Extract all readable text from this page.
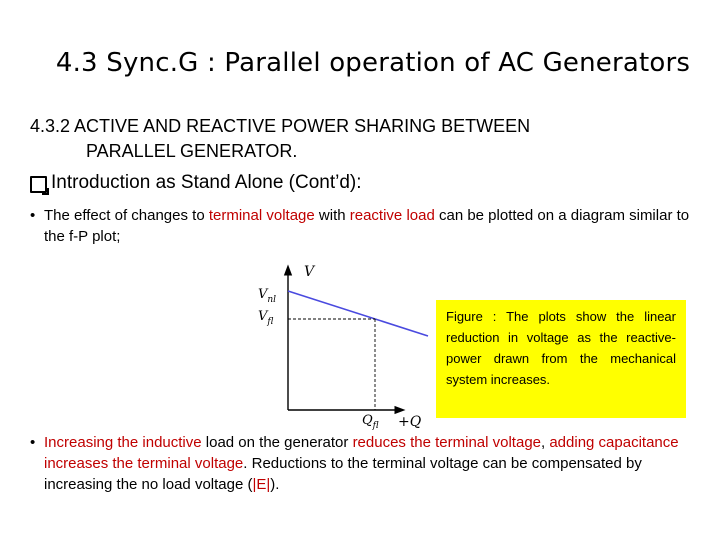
4.3 Sync.G : Parallel operation of AC Generators
4.3.2 ACTIVE AND REACTIVE POWER SHARING BETWEEN
PARALLEL GENERATOR.
Introduction as Stand Alone (Cont’d):
• The effect of changes to terminal voltage with reactive load can be plotted on a diagram similar to the f-P plot;
V
$V_{nl}$
$V_{fl}$
$Q_{fl} +Q$
Figure : The plots show the linear reduction in voltage as the reactive-power drawn from the mechanical system increases.
• Increasing the inductive load on the generator reduces the terminal voltage, adding capacitance increases the terminal voltage. Reductions to the terminal voltage can be compensated by increasing the no load voltage (|E|).
